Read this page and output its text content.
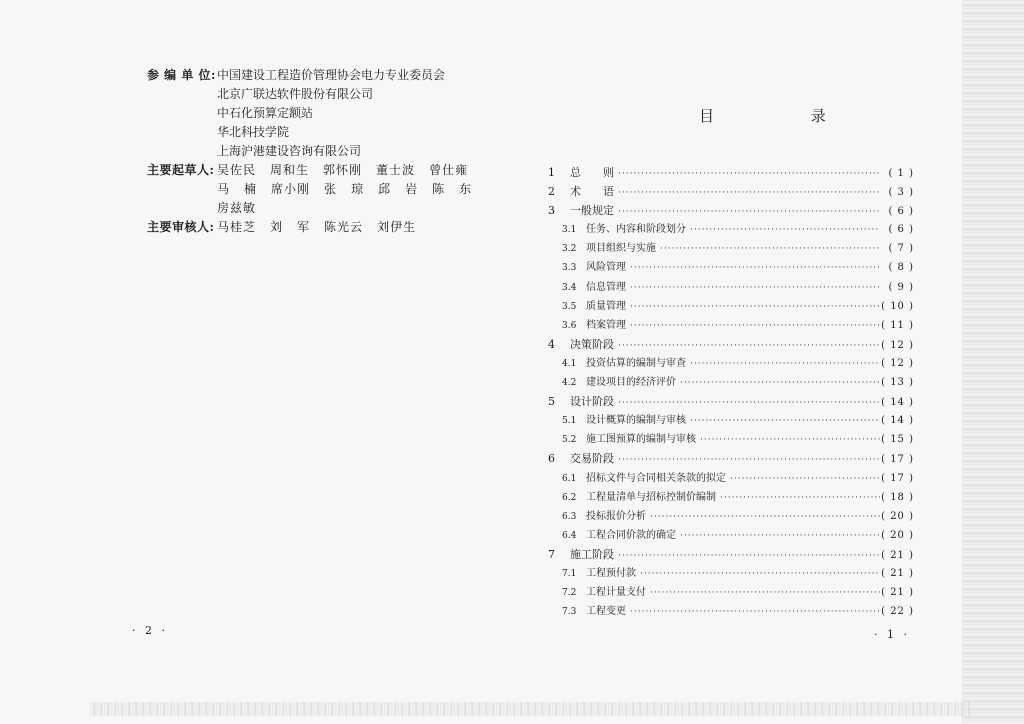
参 编 单 位: 中国建设工程造价管理协会电力专业委员会
北京广联达软件股份有限公司
中石化预算定额站
华北科技学院
上海沪港建设咨询有限公司
主要起草人: 吴佐民 周和生 郭怀刚 董士波 曾仕雍
马 楠 席小刚 张 琼 邱 岩 陈 东
房兹敏
主要审核人: 马桂芝 刘 军 陈光云 刘伊生
· 2 ·
目 录
1	总　　则 ·····	( 1 )
2	术　　语 ·····	( 3 )
3	一般规定 ·····	( 6 )
3.1 任务、内容和阶段划分 ·····	( 6 )
3.2 项目组织与实施 ·····	( 7 )
3.3 风险管理 ·····	( 8 )
3.4 信息管理 ·····	( 9 )
3.5 质量管理 ·····	( 10 )
3.6 档案管理 ·····	( 11 )
4	决策阶段 ·····	( 12 )
4.1 投资估算的编制与审查 ·····	( 12 )
4.2 建设项目的经济评价 ·····	( 13 )
5	设计阶段 ·····	( 14 )
5.1 设计概算的编制与审核 ·····	( 14 )
5.2 施工图预算的编制与审核 ·····	( 15 )
6	交易阶段 ·····	( 17 )
6.1 招标文件与合同相关条款的拟定 ·····	( 17 )
6.2 工程量清单与招标控制价编制 ·····	( 18 )
6.3 投标报价分析 ·····	( 20 )
6.4 工程合同价款的确定 ·····	( 20 )
7	施工阶段 ·····	( 21 )
7.1 工程预付款 ·····	( 21 )
7.2 工程计量支付 ·····	( 21 )
7.3 工程变更 ·····	( 22 )
· 1 ·
